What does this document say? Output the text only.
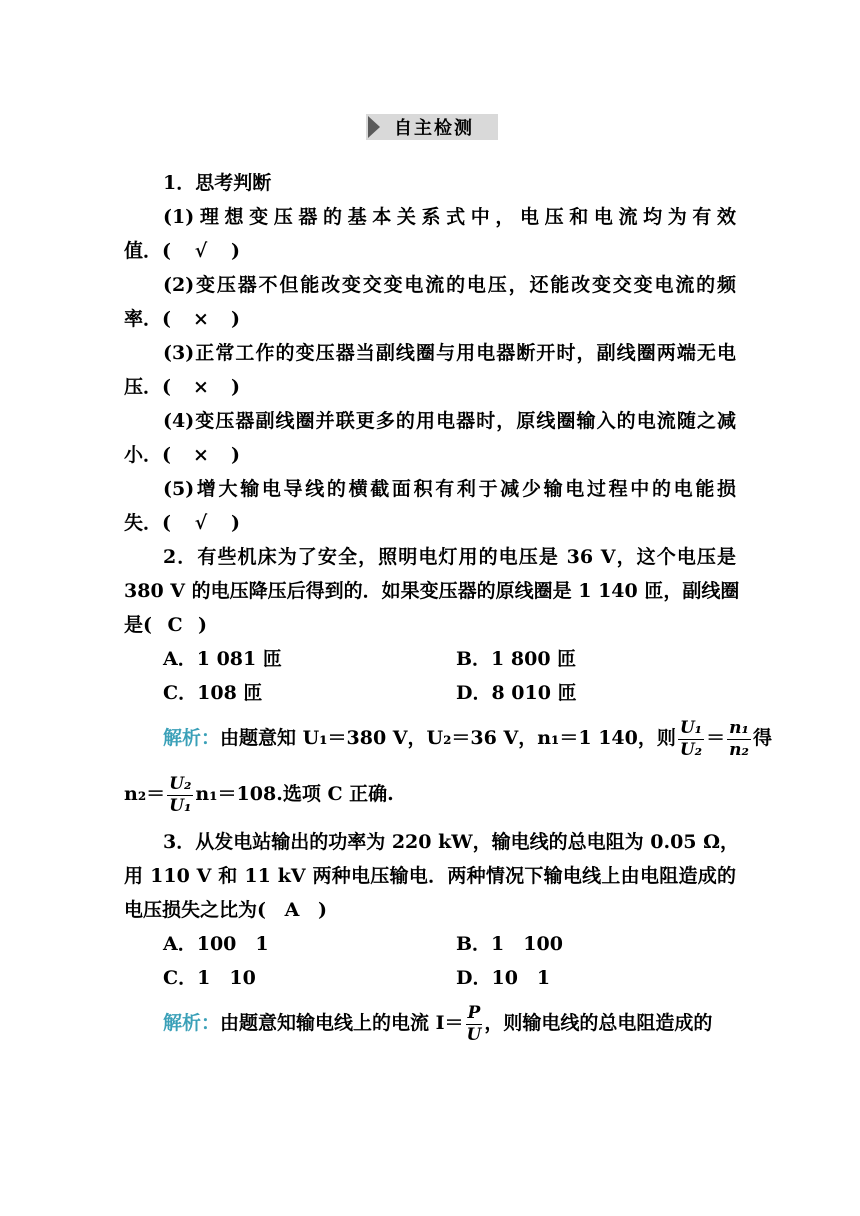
自主检测
1．思考判断
(1)理想变压器的基本关系式中，电压和电流均为有效
值．( √ )
(2)变压器不但能改变交变电流的电压，还能改变交变电流的频
率．( × )
(3)正常工作的变压器当副线圈与用电器断开时，副线圈两端无电
压．( × )
(4)变压器副线圈并联更多的用电器时，原线圈输入的电流随之减
小．( × )
(5)增大输电导线的横截面积有利于减少输电过程中的电能损
失．( √ )
2．有些机床为了安全，照明电灯用的电压是 36 V，这个电压是
380 V 的电压降压后得到的．如果变压器的原线圈是 1 140 匝，副线圈
是( C )
A．1 081 匝	B．1 800 匝
C．108 匝	D．8 010 匝
解析：由题意知 U₁＝380 V，U₂＝36 V，n₁＝1 140，则 $\frac{\text{U₁}}{\text{U₂}} = \frac{\text{n₁}}{\text{n₂}}$ 得
$n_2= \frac{\text{U₂}}{\text{U₁}} n_1=108$.选项 C 正确.
3．从发电站输出的功率为 220 kW，输电线的总电阻为 0.05 Ω，
用 110 V 和 11 kV 两种电压输电．两种情况下输电线上由电阻造成的
电压损失之比为( A )
A．100　1	B．1　100
C．1　10	D．10　1
解析：由题意知输电线上的电流 $I= \frac{P}{U}$ ，则输电线的总电阻造成的
